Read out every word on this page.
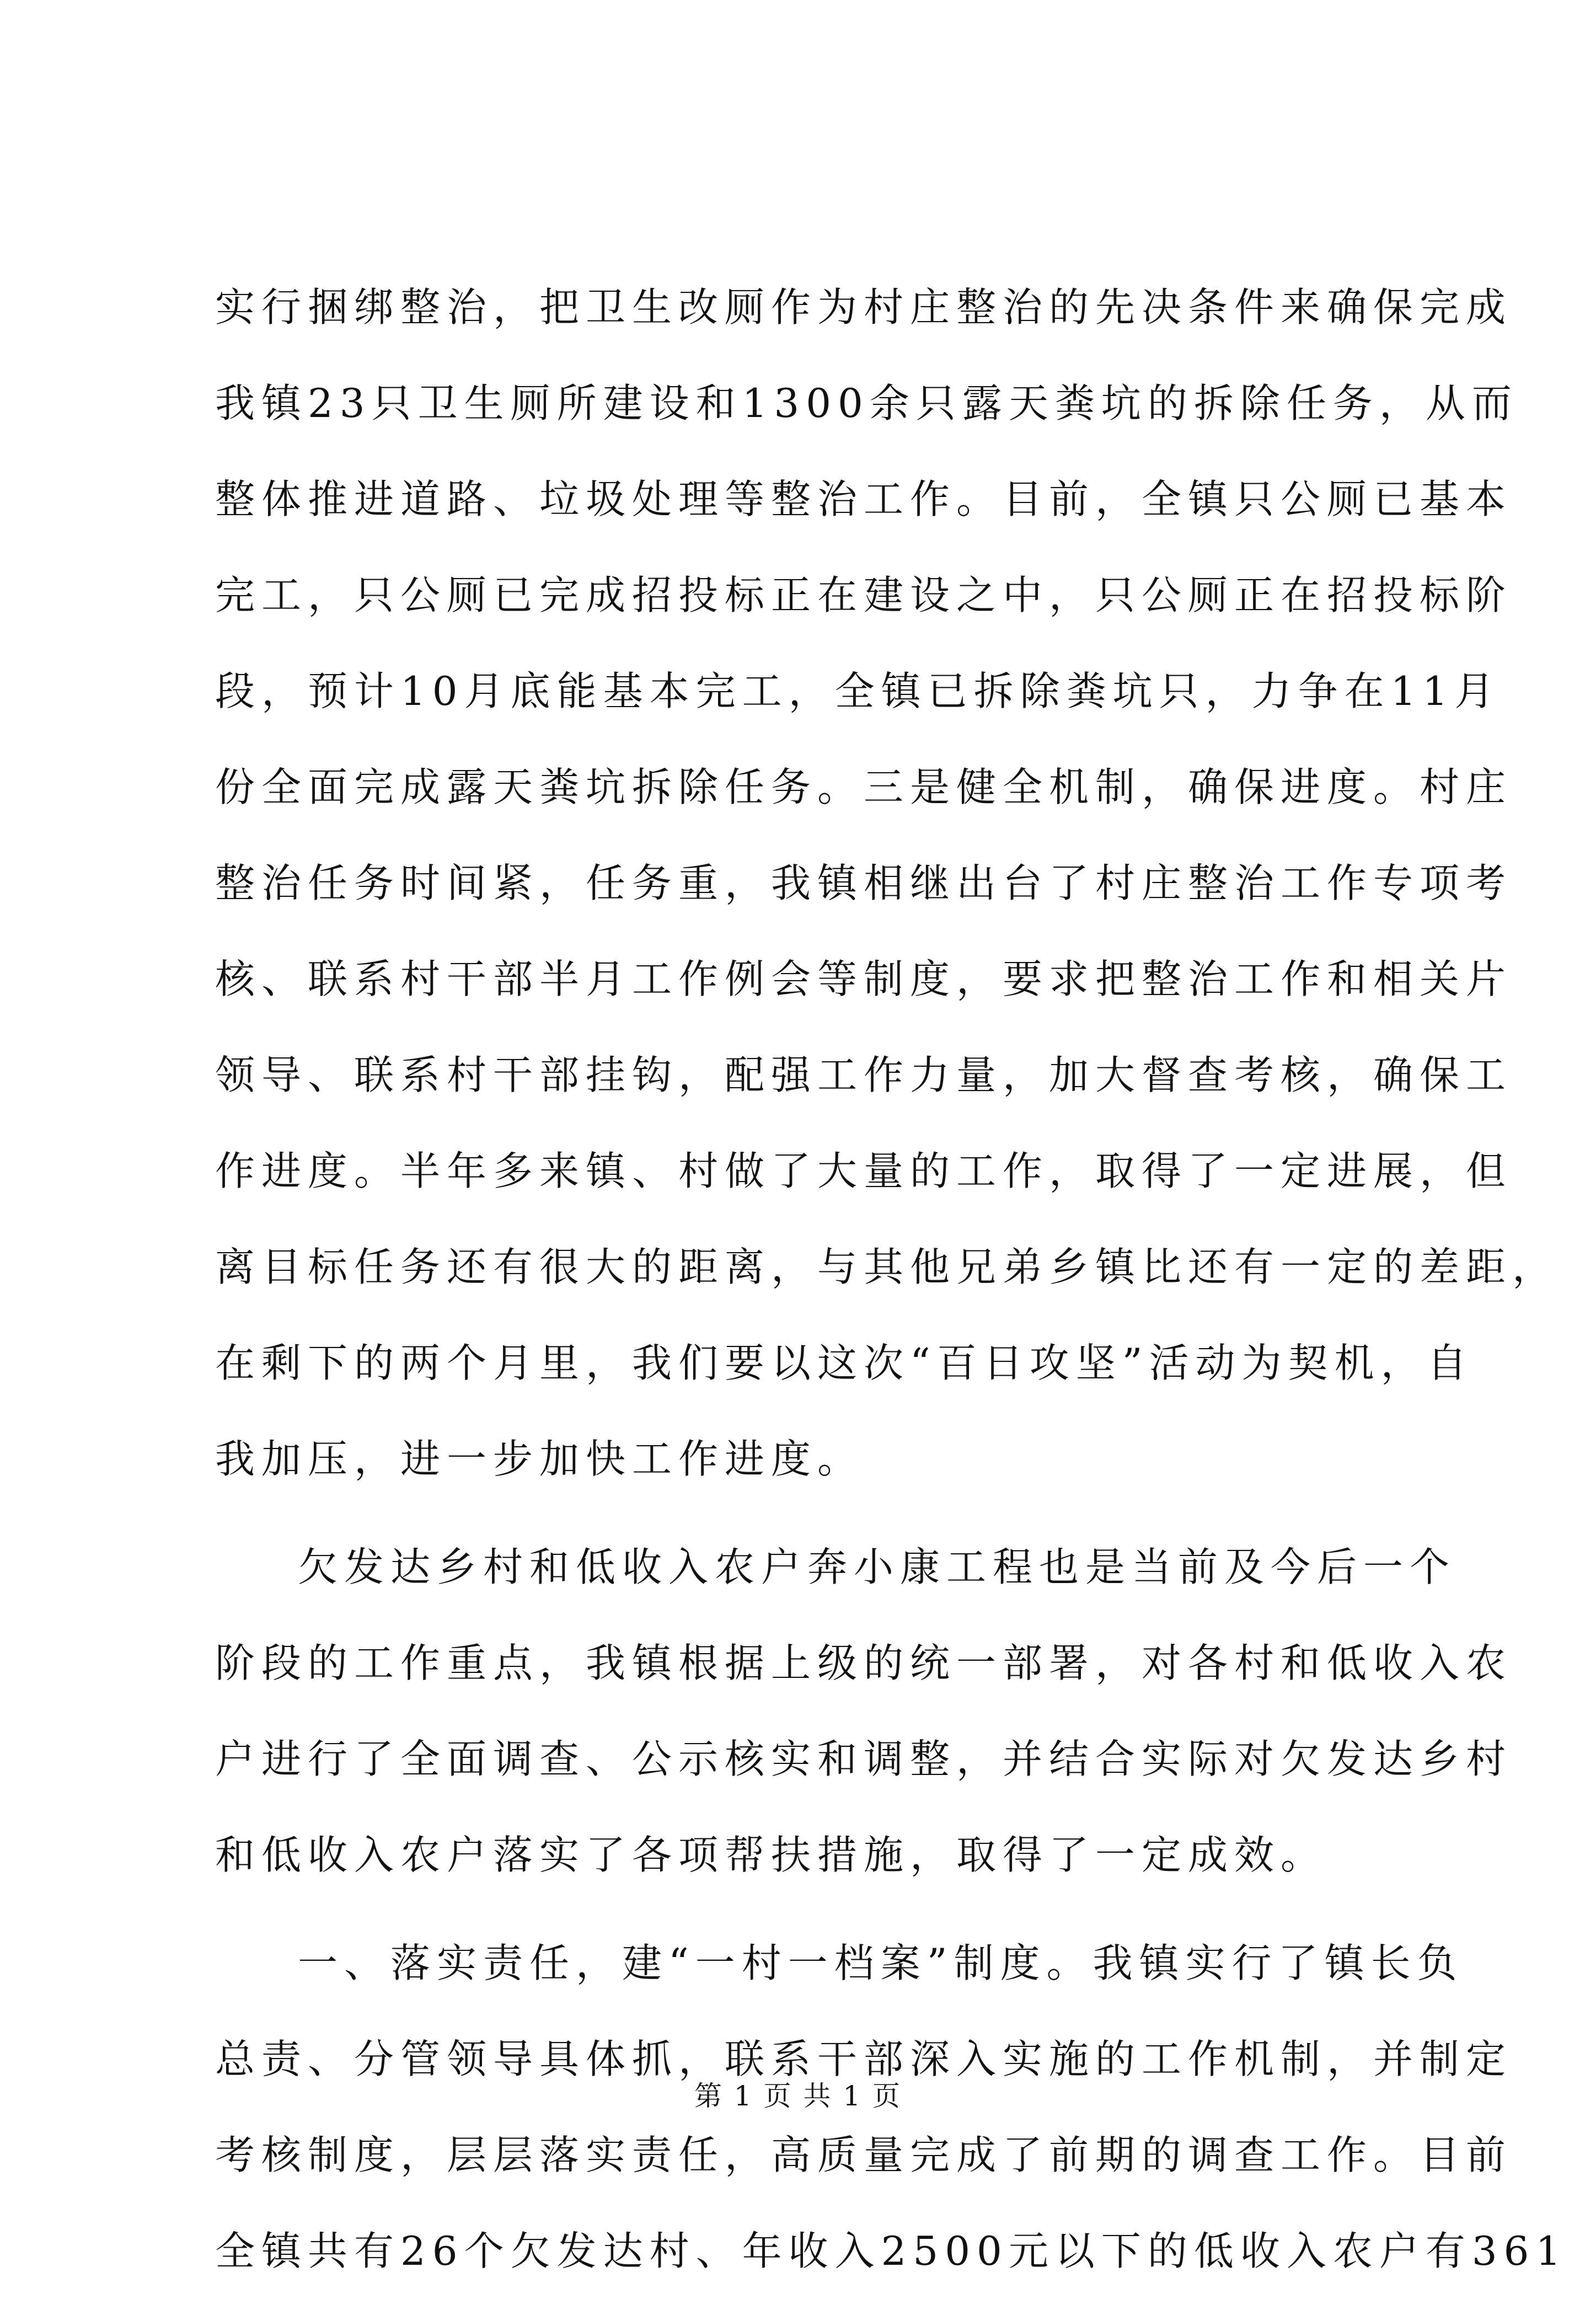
实行捆绑整治，把卫生改厕作为村庄整治的先决条件来确保完成
我镇23只卫生厕所建设和1300余只露天粪坑的拆除任务，从而
整体推进道路、垃圾处理等整治工作。目前，全镇只公厕已基本
完工，只公厕已完成招投标正在建设之中，只公厕正在招投标阶
段，预计10月底能基本完工，全镇已拆除粪坑只，力争在11月
份全面完成露天粪坑拆除任务。三是健全机制，确保进度。村庄
整治任务时间紧，任务重，我镇相继出台了村庄整治工作专项考
核、联系村干部半月工作例会等制度，要求把整治工作和相关片
领导、联系村干部挂钩，配强工作力量，加大督查考核，确保工
作进度。半年多来镇、村做了大量的工作，取得了一定进展，但
离目标任务还有很大的距离，与其他兄弟乡镇比还有一定的差距，
在剩下的两个月里，我们要以这次“百日攻坚”活动为契机，自
我加压，进一步加快工作进度。
欠发达乡村和低收入农户奔小康工程也是当前及今后一个
阶段的工作重点，我镇根据上级的统一部署，对各村和低收入农
户进行了全面调查、公示核实和调整，并结合实际对欠发达乡村
和低收入农户落实了各项帮扶措施，取得了一定成效。
一、落实责任，建“一村一档案”制度。我镇实行了镇长负
总责、分管领导具体抓，联系干部深入实施的工作机制，并制定
考核制度，层层落实责任，高质量完成了前期的调查工作。目前
全镇共有26个欠发达村、年收入2500元以下的低收入农户有361
第 1 页 共 1 页
